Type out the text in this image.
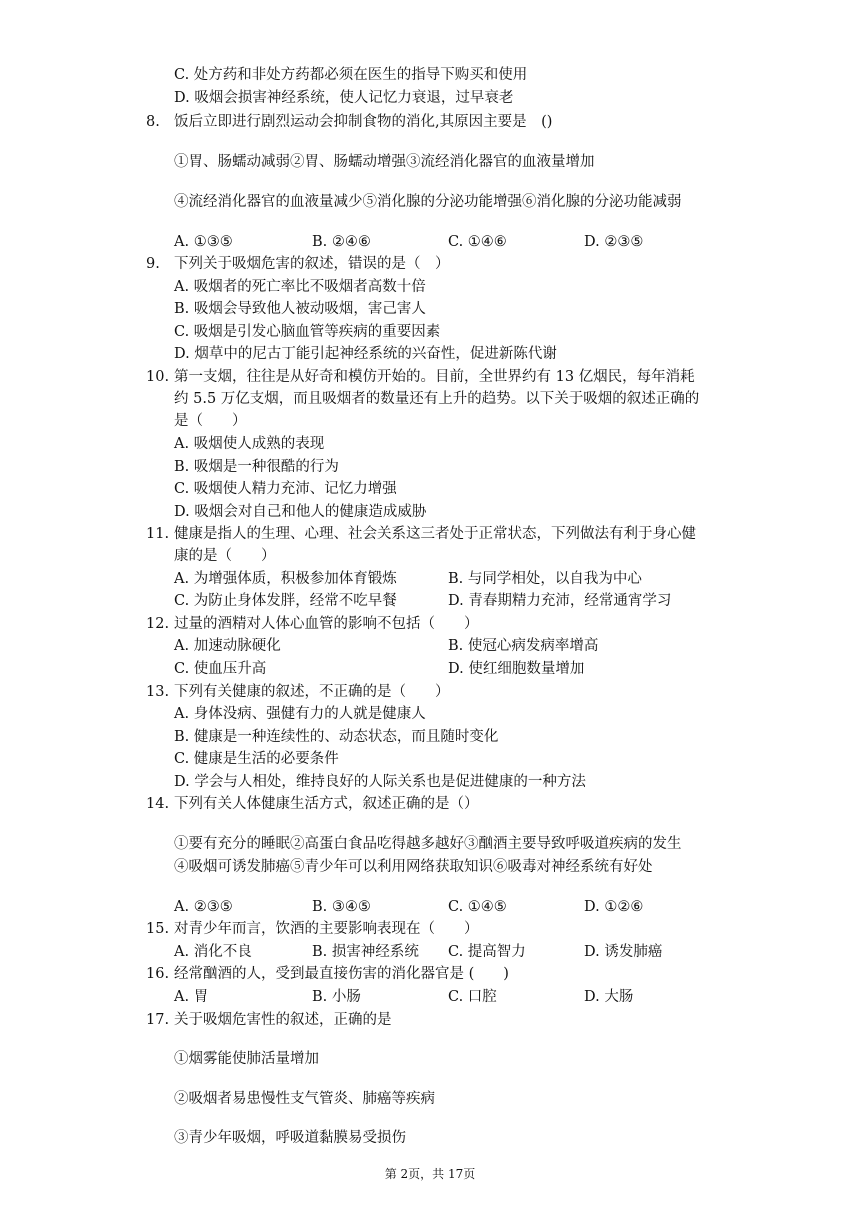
C. 处方药和非处方药都必须在医生的指导下购买和使用
D. 吸烟会损害神经系统，使人记忆力衰退，过早衰老
8. 饭后立即进行剧烈运动会抑制食物的消化,其原因主要是　()
①胃、肠蠕动减弱②胃、肠蠕动增强③流经消化器官的血液量增加
④流经消化器官的血液量减少⑤消化腺的分泌功能增强⑥消化腺的分泌功能减弱
A. ①③⑤	B. ②④⑥	C. ①④⑥	D. ②③⑤
9. 下列关于吸烟危害的叙述，错误的是（　）
A. 吸烟者的死亡率比不吸烟者高数十倍
B. 吸烟会导致他人被动吸烟，害己害人
C. 吸烟是引发心脑血管等疾病的重要因素
D. 烟草中的尼古丁能引起神经系统的兴奋性，促进新陈代谢
10. 第一支烟，往往是从好奇和模仿开始的。目前，全世界约有 13 亿烟民，每年消耗
约 5.5 万亿支烟，而且吸烟者的数量还有上升的趋势。以下关于吸烟的叙述正确的
是（　　）
A. 吸烟使人成熟的表现
B. 吸烟是一种很酷的行为
C. 吸烟使人精力充沛、记忆力增强
D. 吸烟会对自己和他人的健康造成威胁
11. 健康是指人的生理、心理、社会关系这三者处于正常状态，下列做法有利于身心健
康的是（　　）
A. 为增强体质，积极参加体育锻炼	B. 与同学相处，以自我为中心
C. 为防止身体发胖，经常不吃早餐	D. 青春期精力充沛，经常通宵学习
12. 过量的酒精对人体心血管的影响不包括（　　）
A. 加速动脉硬化	B. 使冠心病发病率增高
C. 使血压升高	D. 使红细胞数量增加
13. 下列有关健康的叙述，不正确的是（　　）
A. 身体没病、强健有力的人就是健康人
B. 健康是一种连续性的、动态状态，而且随时变化
C. 健康是生活的必要条件
D. 学会与人相处，维持良好的人际关系也是促进健康的一种方法
14. 下列有关人体健康生活方式，叙述正确的是（）
①要有充分的睡眠②高蛋白食品吃得越多越好③酗酒主要导致呼吸道疾病的发生
④吸烟可诱发肺癌⑤青少年可以利用网络获取知识⑥吸毒对神经系统有好处
A. ②③⑤	B. ③④⑤	C. ①④⑤	D. ①②⑥
15. 对青少年而言，饮酒的主要影响表现在（　　）
A. 消化不良	B. 损害神经系统 C. 提高智力	D. 诱发肺癌
16. 经常酗酒的人，受到最直接伤害的消化器官是 (　　)
A. 胃	B. 小肠	C. 口腔	D. 大肠
17. 关于吸烟危害性的叙述，正确的是
①烟雾能使肺活量增加
②吸烟者易患慢性支气管炎、肺癌等疾病
③青少年吸烟，呼吸道黏膜易受损伤
第 2页，共 17页
